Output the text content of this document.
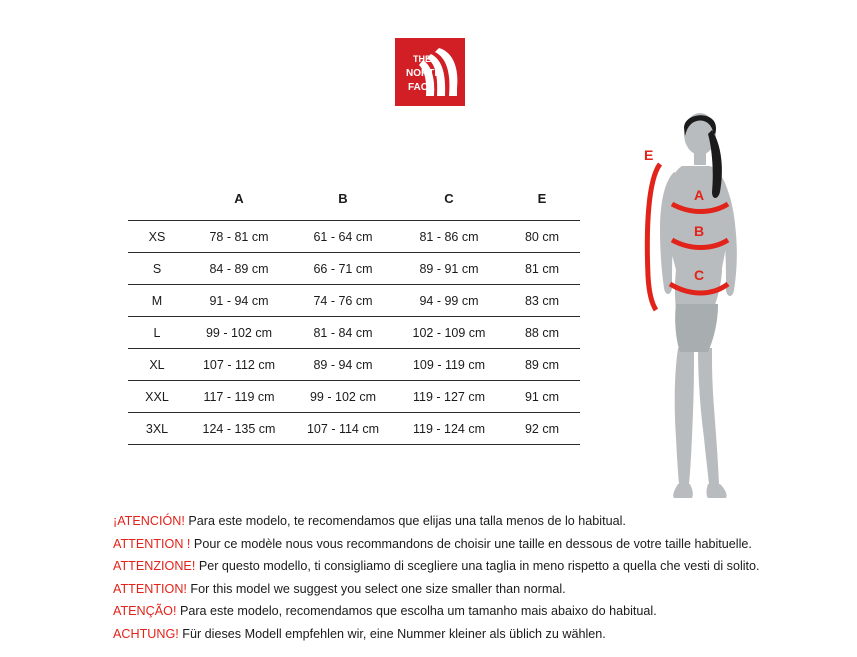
THE
NORTH
FACE
	A	B	C	E
XS	78 - 81 cm	61 - 64 cm	81 - 86 cm	80 cm
S	84 - 89 cm	66 - 71 cm	89 - 91 cm	81 cm
M	91 - 94 cm	74 - 76 cm	94 - 99 cm	83 cm
L	99 - 102 cm	81 - 84 cm	102 - 109 cm	88 cm
XL	107 - 112 cm	89 - 94 cm	109 - 119 cm	89 cm
XXL	117 - 119 cm	99 - 102 cm	119 - 127 cm	91 cm
3XL	124 - 135 cm	107 - 114 cm	119 - 124 cm	92 cm
E
A
B
C
¡ATENCIÓN! Para este modelo, te recomendamos que elijas una talla menos de lo habitual.
ATTENTION ! Pour ce modèle nous vous recommandons de choisir une taille en dessous de votre taille habituelle.
ATTENZIONE! Per questo modello, ti consigliamo di scegliere una taglia in meno rispetto a quella che vesti di solito.
ATTENTION! For this model we suggest you select one size smaller than normal.
ATENÇÃO! Para este modelo, recomendamos que escolha um tamanho mais abaixo do habitual.
ACHTUNG! Für dieses Modell empfehlen wir, eine Nummer kleiner als üblich zu wählen.
